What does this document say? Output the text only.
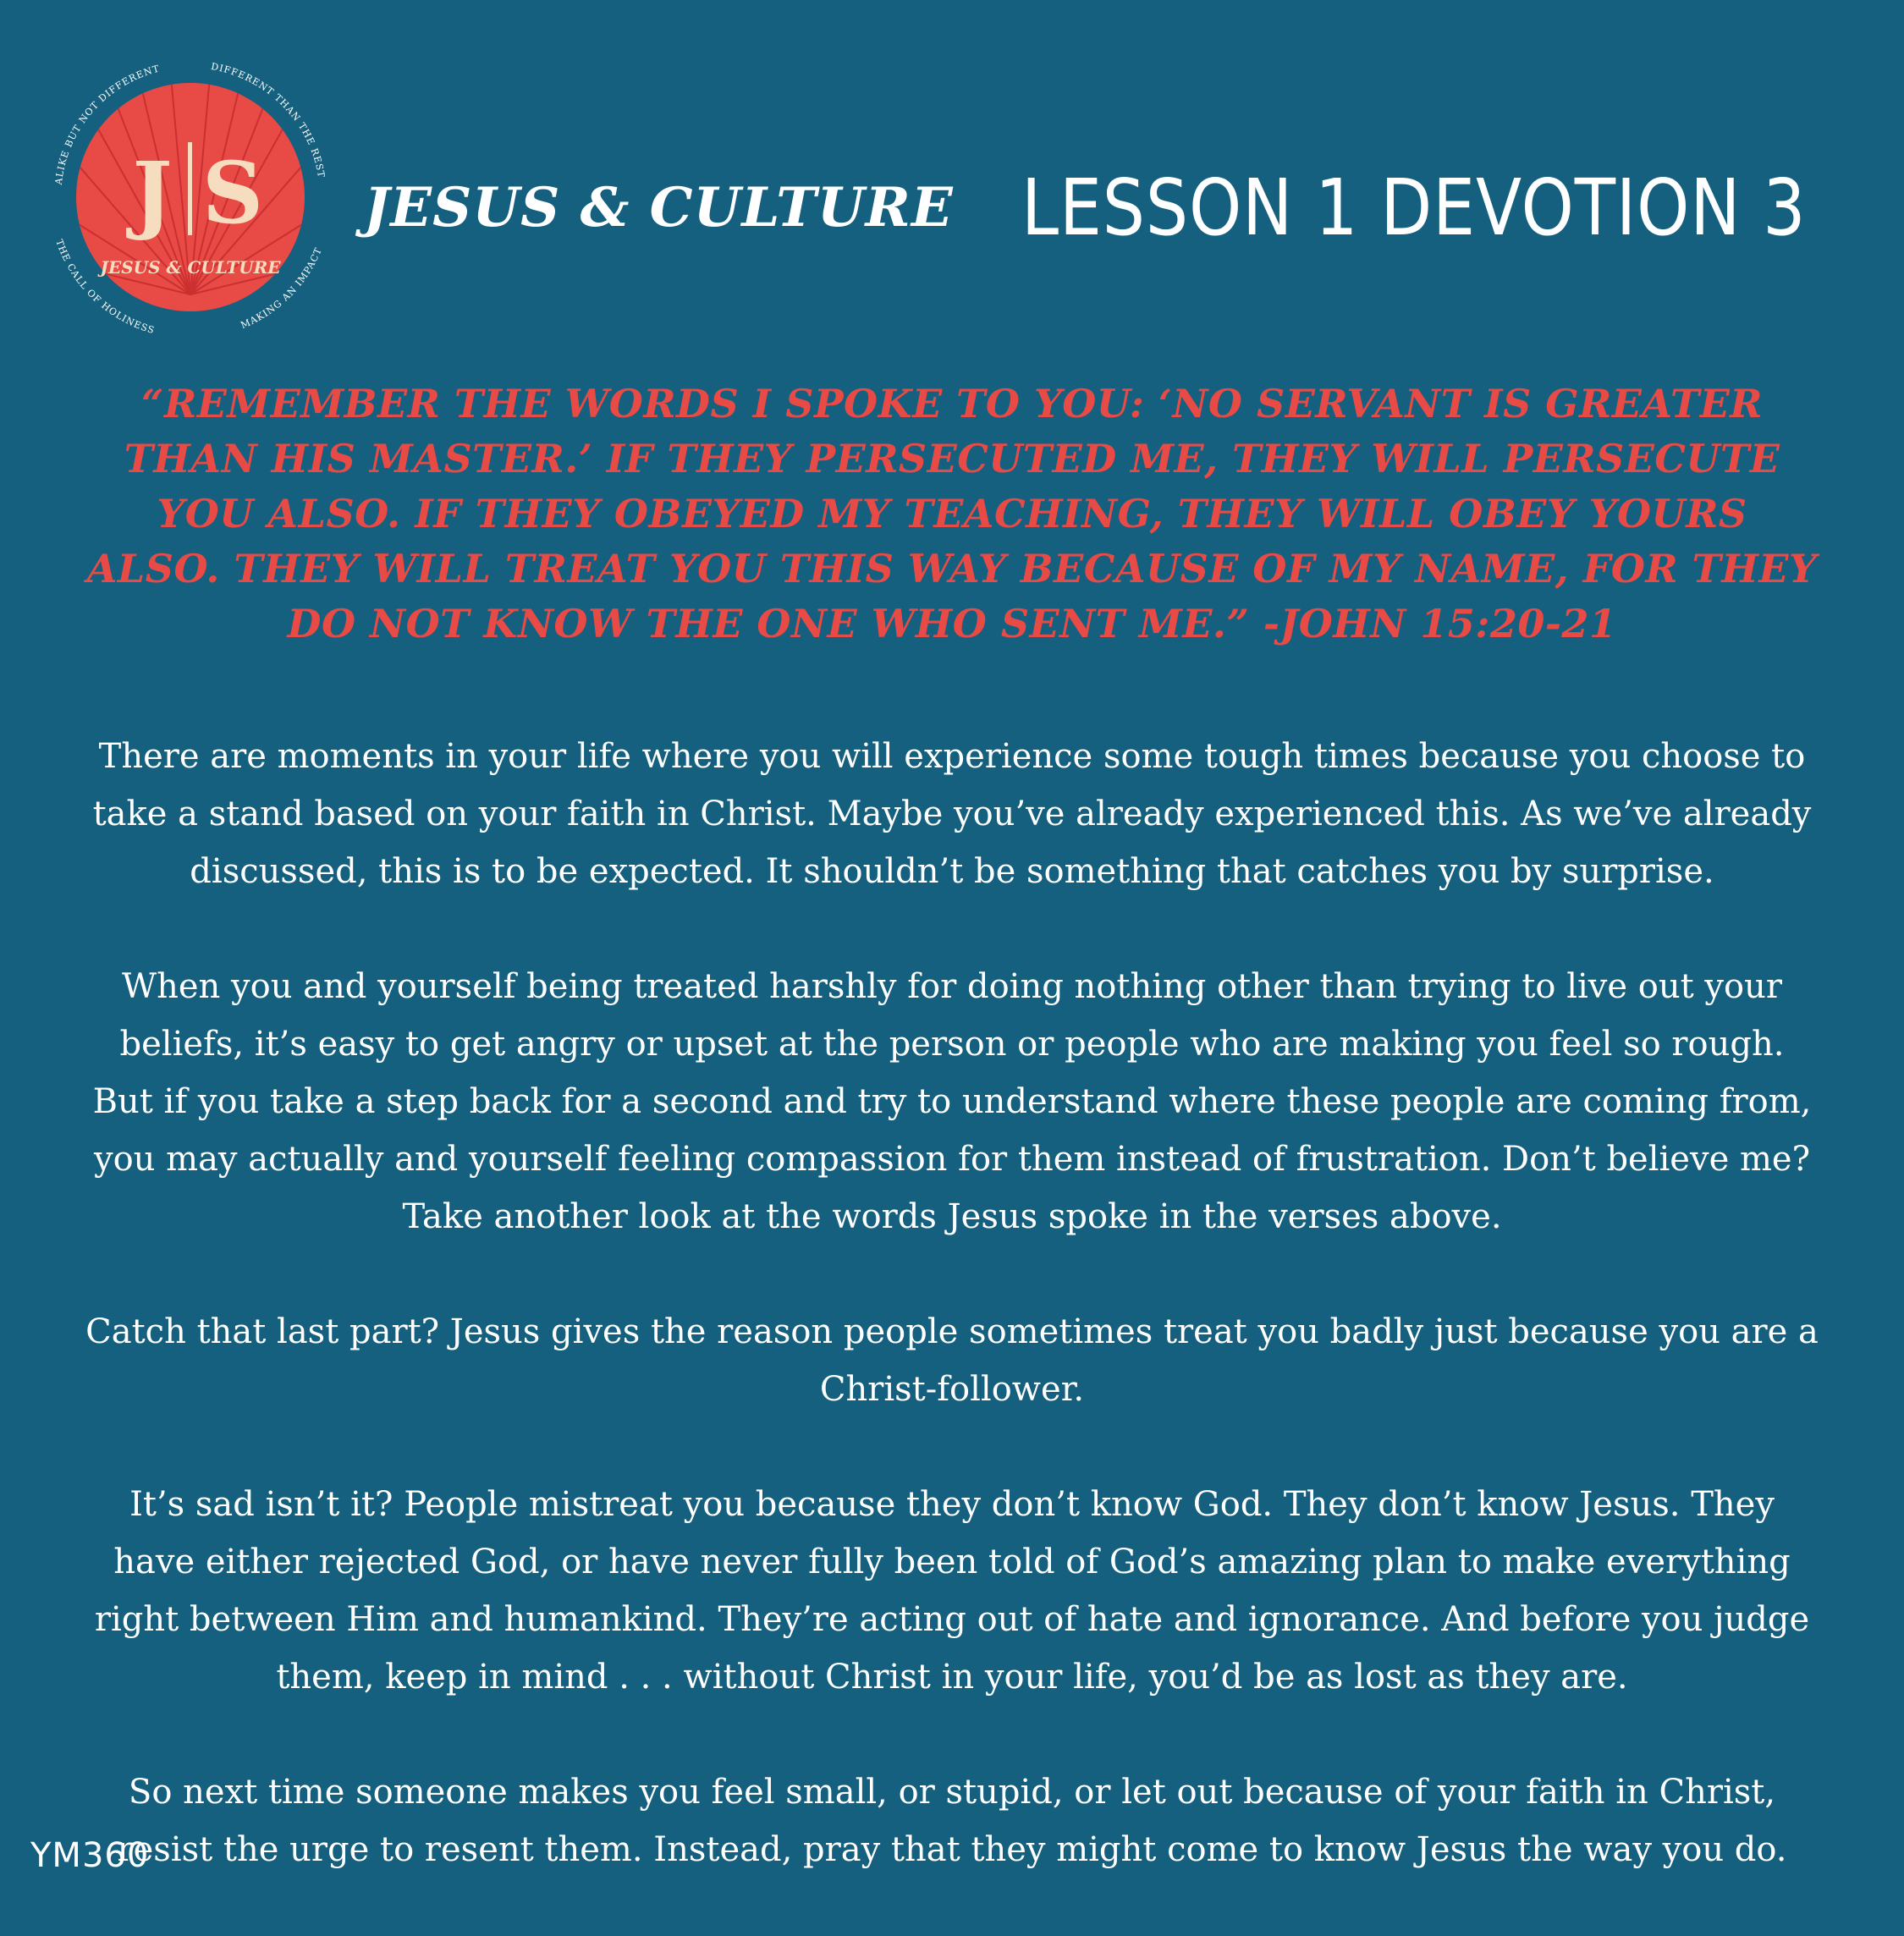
J S
JESUS & CULTURE
ALIKE BUT NOT DIFFERENT	DIFFERENT THAN THE REST
THE CALL OF HOLINESS	MAKING AN IMPACT
JESUS & CULTURE LESSON 1 DEVOTION 3
“REMEMBER THE WORDS I SPOKE TO YOU: ‘NO SERVANT IS GREATER THAN HIS MASTER.’ IF THEY PERSECUTED ME, THEY WILL PERSECUTE YOU ALSO. IF THEY OBEYED MY TEACHING, THEY WILL OBEY YOURS ALSO. THEY WILL TREAT YOU THIS WAY BECAUSE OF MY NAME, FOR THEY DO NOT KNOW THE ONE WHO SENT ME.” -JOHN 15:20-21

There are moments in your life where you will experience some tough times because you choose to take a stand based on your faith in Christ. Maybe you’ve already experienced this. As we’ve already discussed, this is to be expected. It shouldn’t be something that catches you by surprise.

When you and yourself being treated harshly for doing nothing other than trying to live out your beliefs, it’s easy to get angry or upset at the person or people who are making you feel so rough. But if you take a step back for a second and try to understand where these people are coming from, you may actually and yourself feeling compassion for them instead of frustration. Don’t believe me? Take another look at the words Jesus spoke in the verses above.

Catch that last part? Jesus gives the reason people sometimes treat you badly just because you are a Christ-follower.

It’s sad isn’t it? People mistreat you because they don’t know God. They don’t know Jesus. They have either rejected God, or have never fully been told of God’s amazing plan to make everything right between Him and humankind. They’re acting out of hate and ignorance. And before you judge them, keep in mind . . . without Christ in your life, you’d be as lost as they are.

So next time someone makes you feel small, or stupid, or let out because of your faith in Christ, resist the urge to resent them. Instead, pray that they might come to know Jesus the way you do.

YM360
